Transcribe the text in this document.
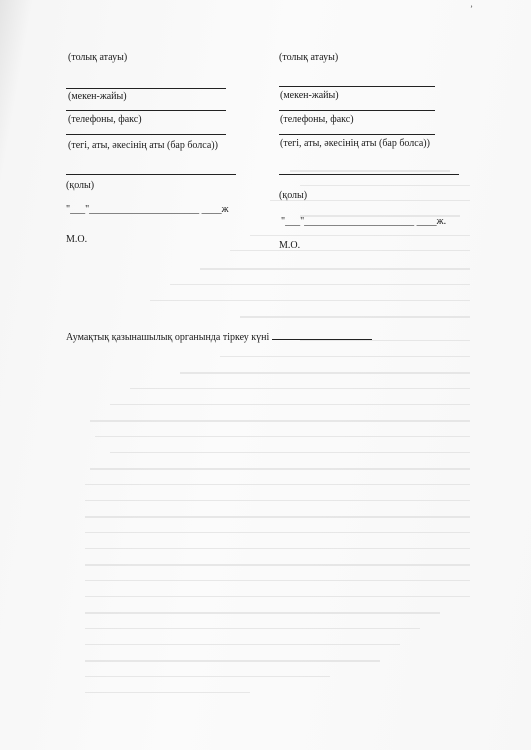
ʼ
(толық атауы)
(мекен-жайы)
(телефоны, факс)
(тегі, аты, әкесінің аты (бар болса))
(қолы)
"___"______________________ ____ж
М.О.
(толық атауы)
(мекен-жайы)
(телефоны, факс)
(тегі, аты, әкесінің аты (бар болса))
(қолы)
"___"______________________ ____ж.
М.О.
Аумақтық қазынашылық органында тіркеу күні
